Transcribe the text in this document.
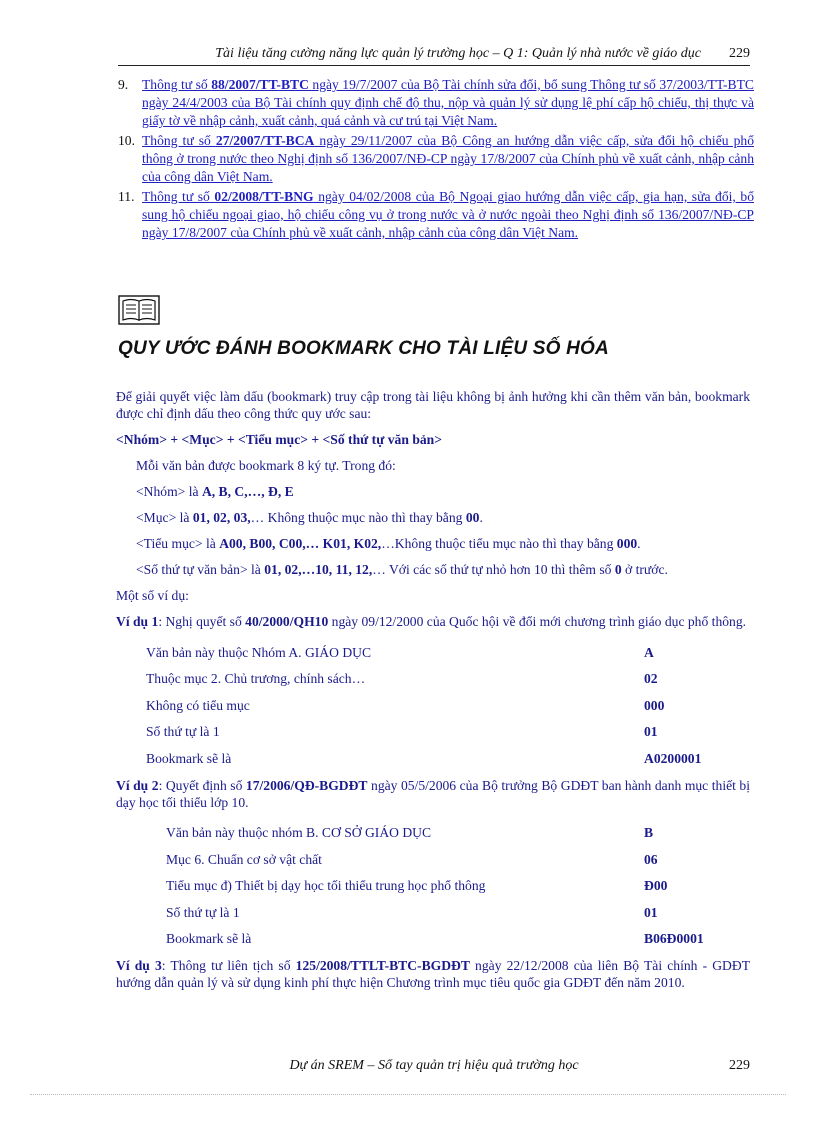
Tài liệu tăng cường năng lực quản lý trường học – Q 1: Quản lý nhà nước về giáo dục 229
9.	Thông tư số 88/2007/TT-BTC ngày 19/7/2007 của Bộ Tài chính sửa đổi, bổ sung Thông tư số 37/2003/TT-BTC ngày 24/4/2003 của Bộ Tài chính quy định chế độ thu, nộp và quản lý sử dụng lệ phí cấp hộ chiếu, thị thực và giấy tờ về nhập cảnh, xuất cảnh, quá cảnh và cư trú tại Việt Nam.
10. Thông tư số 27/2007/TT-BCA ngày 29/11/2007 của Bộ Công an hướng dẫn việc cấp, sửa đổi hộ chiếu phổ thông ở trong nước theo Nghị định số 136/2007/NĐ-CP ngày 17/8/2007 của Chính phủ về xuất cảnh, nhập cảnh của công dân Việt Nam.
11. Thông tư số 02/2008/TT-BNG ngày 04/02/2008 của Bộ Ngoại giao hướng dẫn việc cấp, gia hạn, sửa đổi, bổ sung hộ chiếu ngoại giao, hộ chiếu công vụ ở trong nước và ở nước ngoài theo Nghị định số 136/2007/NĐ-CP ngày 17/8/2007 của Chính phủ về xuất cảnh, nhập cảnh của công dân Việt Nam.
QUY ƯỚC ĐÁNH BOOKMARK CHO TÀI LIỆU SỐ HÓA

Để giải quyết việc làm dấu (bookmark) truy cập trong tài liệu không bị ảnh hưởng khi cần thêm văn bản, bookmark được chỉ định dấu theo công thức quy ước sau:

<Nhóm> + <Mục> + <Tiểu mục> + <Số thứ tự văn bản>

Mỗi văn bản được bookmark 8 ký tự. Trong đó:

<Nhóm> là A, B, C,…, Đ, E

<Mục> là 01, 02, 03,… Không thuộc mục nào thì thay bằng 00.

<Tiểu mục> là A00, B00, C00,… K01, K02,…Không thuộc tiểu mục nào thì thay bằng 000.

<Số thứ tự văn bản> là 01, 02,…10, 11, 12,… Với các số thứ tự nhỏ hơn 10 thì thêm số 0 ở trước.

Một số ví dụ:

Ví dụ 1: Nghị quyết số 40/2000/QH10 ngày 09/12/2000 của Quốc hội về đổi mới chương trình giáo dục phổ thông.

Văn bản này thuộc Nhóm A. GIÁO DỤC	A
Thuộc mục 2. Chủ trương, chính sách…	02
Không có tiểu mục	000
Số thứ tự là 1	01
Bookmark sẽ là	A0200001

Ví dụ 2: Quyết định số 17/2006/QĐ-BGDĐT ngày 05/5/2006 của Bộ trưởng Bộ GDĐT ban hành danh mục thiết bị dạy học tối thiểu lớp 10.

Văn bản này thuộc nhóm B. CƠ SỞ GIÁO DỤC	B
Mục 6. Chuẩn cơ sở vật chất	06
Tiểu mục đ) Thiết bị dạy học tối thiểu trung học phổ thông	Đ00
Số thứ tự là 1	01
Bookmark sẽ là	B06Đ0001

Ví dụ 3: Thông tư liên tịch số 125/2008/TTLT-BTC-BGDĐT ngày 22/12/2008 của liên Bộ Tài chính - GDĐT hướng dẫn quản lý và sử dụng kinh phí thực hiện Chương trình mục tiêu quốc gia GDĐT đến năm 2010.

Dự án SREM – Sổ tay quản trị hiệu quả trường học	229
